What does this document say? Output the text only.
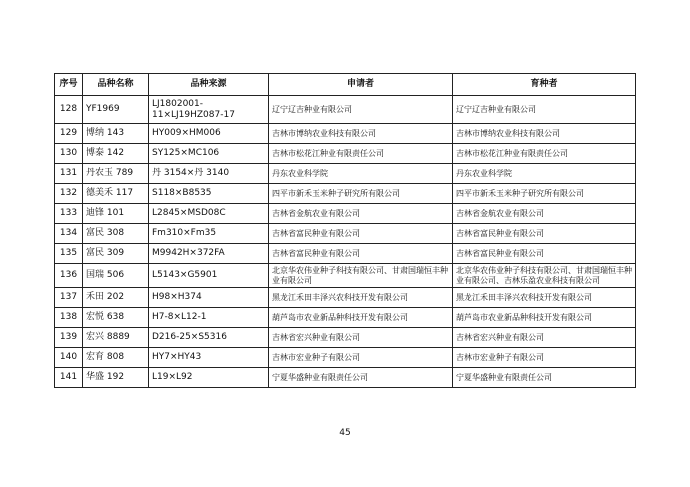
序号	品种名称	品种来源	申请者	育种者
128	YF1969	LJ1802001-11×LJ19HZ087-17	辽宁辽吉种业有限公司	辽宁辽吉种业有限公司
129	博纳 143	HY009×HM006	吉林市博纳农业科技有限公司	吉林市博纳农业科技有限公司
130	博泰 142	SY125×MC106	吉林市松花江种业有限责任公司	吉林市松花江种业有限责任公司
131	丹农玉 789	丹 3154×丹 3140	丹东农业科学院	丹东农业科学院
132	德美禾 117	S118×B8535	四平市新禾玉米种子研究所有限公司	四平市新禾玉米种子研究所有限公司
133	迪锋 101	L2845×MSD08C	吉林省金航农业有限公司	吉林省金航农业有限公司
134	富民 308	Fm310×Fm35	吉林省富民种业有限公司	吉林省富民种业有限公司
135	富民 309	M9942H×372FA	吉林省富民种业有限公司	吉林省富民种业有限公司
136	国瑞 506	L5143×G5901	北京华农伟业种子科技有限公司、甘肃国瑞恒丰种业有限公司	北京华农伟业种子科技有限公司、甘肃国瑞恒丰种业有限公司、吉林乐盈农业科技有限公司
137	禾田 202	H98×H374	黑龙江禾田丰泽兴农科技开发有限公司	黑龙江禾田丰泽兴农科技开发有限公司
138	宏悦 638	H7-8×L12-1	葫芦岛市农业新品种科技开发有限公司	葫芦岛市农业新品种科技开发有限公司
139	宏兴 8889	D216-25×S5316	吉林省宏兴种业有限公司	吉林省宏兴种业有限公司
140	宏育 808	HY7×HY43	吉林市宏业种子有限公司	吉林市宏业种子有限公司
141	华盛 192	L19×L92	宁夏华盛种业有限责任公司	宁夏华盛种业有限责任公司
45
